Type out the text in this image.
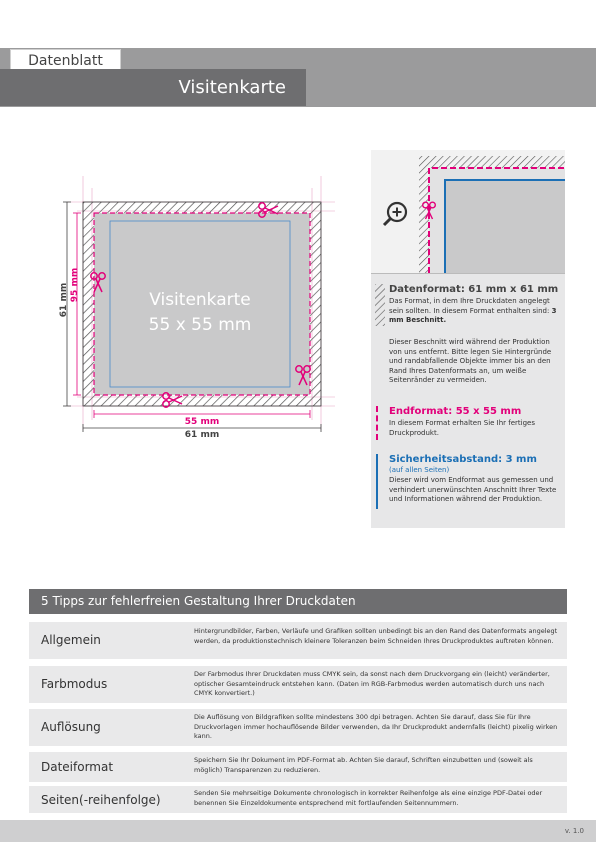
Datenblatt
Visitenkarte
Visitenkarte
55 x 55 mm
55 mm
61 mm
61 mm 95 mm	Datenformat: 61 mm x 61 mm
Das Format, in dem Ihre Druckdaten angelegt sein sollten. In diesem Format enthalten sind: 3 mm Beschnitt.
Dieser Beschnitt wird während der Produktion von uns entfernt. Bitte legen Sie Hintergründe und randabfallende Objekte immer bis an den Rand Ihres Datenformats an, um weiße Seitenränder zu vermeiden.
Endformat: 55 x 55 mm
In diesem Format erhalten Sie Ihr fertiges Druckprodukt.
Sicherheitsabstand: 3 mm
(auf allen Seiten)
Dieser wird vom Endformat aus gemessen und verhindert unerwünschten Anschnitt Ihrer Texte und Informationen während der Produktion.
5 Tipps zur fehlerfreien Gestaltung Ihrer Druckdaten
Allgemein
Hintergrundbilder, Farben, Verläufe und Grafiken sollten unbedingt bis an den Rand des Datenformats angelegt werden, da produktionstechnisch kleinere Toleranzen beim Schneiden Ihres Druckproduktes auftreten können.
Farbmodus
Der Farbmodus Ihrer Druckdaten muss CMYK sein, da sonst nach dem Druckvorgang ein (leicht) veränderter, optischer Gesamteindruck entstehen kann. (Daten im RGB-Farbmodus werden automatisch durch uns nach CMYK konvertiert.)
Auflösung
Die Auflösung von Bildgrafiken sollte mindestens 300 dpi betragen. Achten Sie darauf, dass Sie für Ihre Druckvorlagen immer hochauflösende Bilder verwenden, da Ihr Druckprodukt andernfalls (leicht) pixelig wirken kann.
Dateiformat	Speichern Sie Ihr Dokument im PDF-Format ab. Achten Sie darauf, Schriften einzubetten und (soweit als möglich) Transparenzen zu reduzieren.
Seiten(-reihenfolge)	Senden Sie mehrseitige Dokumente chronologisch in korrekter Reihenfolge als eine einzige PDF-Datei oder benennen Sie Einzeldokumente entsprechend mit fortlaufenden Seitennummern.
v. 1.0
